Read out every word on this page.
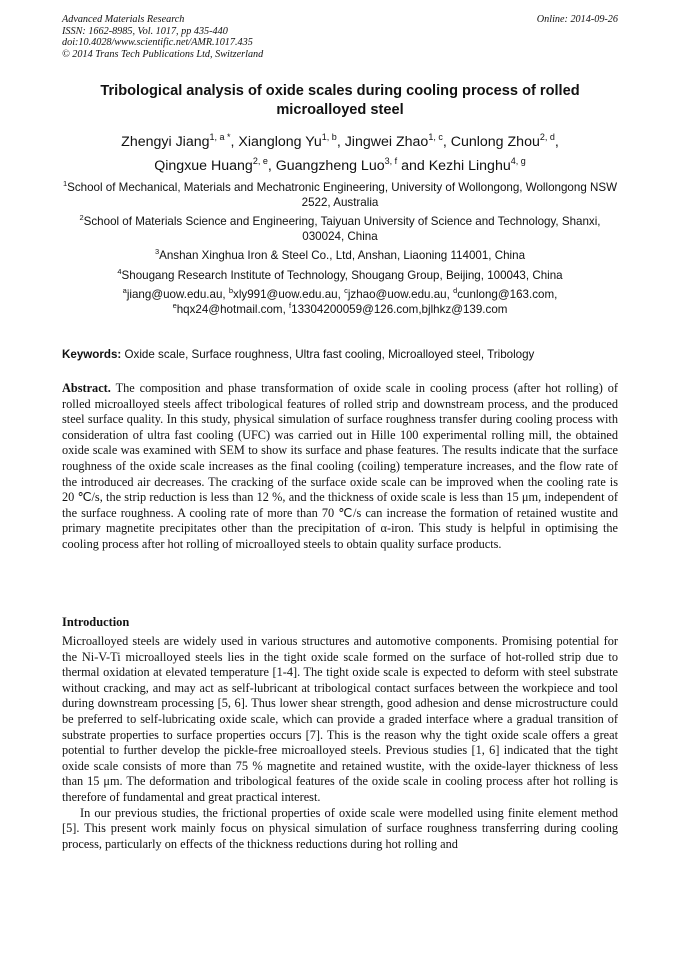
Advanced Materials Research
ISSN: 1662-8985, Vol. 1017, pp 435-440
doi:10.4028/www.scientific.net/AMR.1017.435
© 2014 Trans Tech Publications Ltd, Switzerland
Online: 2014-09-26
Tribological analysis of oxide scales during cooling process of rolled microalloyed steel
Zhengyi Jiang$^{1, a *}$, Xianglong Yu$^{1, b}$, Jingwei Zhao$^{1, c}$, Cunlong Zhou$^{2, d}$,
Qingxue Huang$^{2, e}$, Guangzheng Luo$^{3, f}$ and Kezhi Linghu$^{4, g}$
$^1$School of Mechanical, Materials and Mechatronic Engineering, University of Wollongong, Wollongong NSW 2522, Australia
$^2$School of Materials Science and Engineering, Taiyuan University of Science and Technology, Shanxi, 030024, China
$^3$Anshan Xinghua Iron & Steel Co., Ltd, Anshan, Liaoning 114001, China
$^4$Shougang Research Institute of Technology, Shougang Group, Beijing, 100043, China
$^a$jiang@uow.edu.au, $^b$xly991@uow.edu.au, $^c$jzhao@uow.edu.au, $^d$cunlong@163.com,
$^e$hqx24@hotmail.com, $^f$13304200059@126.com,bjlhkz@139.com
Keywords: Oxide scale, Surface roughness, Ultra fast cooling, Microalloyed steel, Tribology
Abstract. The composition and phase transformation of oxide scale in cooling process (after hot rolling) of rolled microalloyed steels affect tribological features of rolled strip and downstream process, and the produced steel surface quality. In this study, physical simulation of surface roughness transfer during cooling process with consideration of ultra fast cooling (UFC) was carried out in Hille 100 experimental rolling mill, the obtained oxide scale was examined with SEM to show its surface and phase features. The results indicate that the surface roughness of the oxide scale increases as the final cooling (coiling) temperature increases, and the flow rate of the introduced air decreases. The cracking of the surface oxide scale can be improved when the cooling rate is 20 ℃/s, the strip reduction is less than 12 %, and the thickness of oxide scale is less than 15 μm, independent of the surface roughness. A cooling rate of more than 70 ℃/s can increase the formation of retained wustite and primary magnetite precipitates other than the precipitation of α-iron. This study is helpful in optimising the cooling process after hot rolling of microalloyed steels to obtain quality surface products.
Introduction

Microalloyed steels are widely used in various structures and automotive components. Promising potential for the Ni-V-Ti microalloyed steels lies in the tight oxide scale formed on the surface of hot-rolled strip due to thermal oxidation at elevated temperature [1-4]. The tight oxide scale is expected to deform with steel substrate without cracking, and may act as self-lubricant at tribological contact surfaces between the workpiece and tool during downstream processing [5, 6]. Thus lower shear strength, good adhesion and dense microstructure could be preferred to self-lubricating oxide scale, which can provide a graded interface where a gradual transition of substrate properties to surface properties occurs [7]. This is the reason why the tight oxide scale offers a great potential to further develop the pickle-free microalloyed steels. Previous studies [1, 6] indicated that the tight oxide scale consists of more than 75 % magnetite and retained wustite, with the oxide-layer thickness of less than 15 μm. The deformation and tribological features of the oxide scale in cooling process after hot rolling is therefore of fundamental and great practical interest.

In our previous studies, the frictional properties of oxide scale were modelled using finite element method [5]. This present work mainly focus on physical simulation of surface roughness transferring during cooling process, particularly on effects of the thickness reductions during hot rolling and
